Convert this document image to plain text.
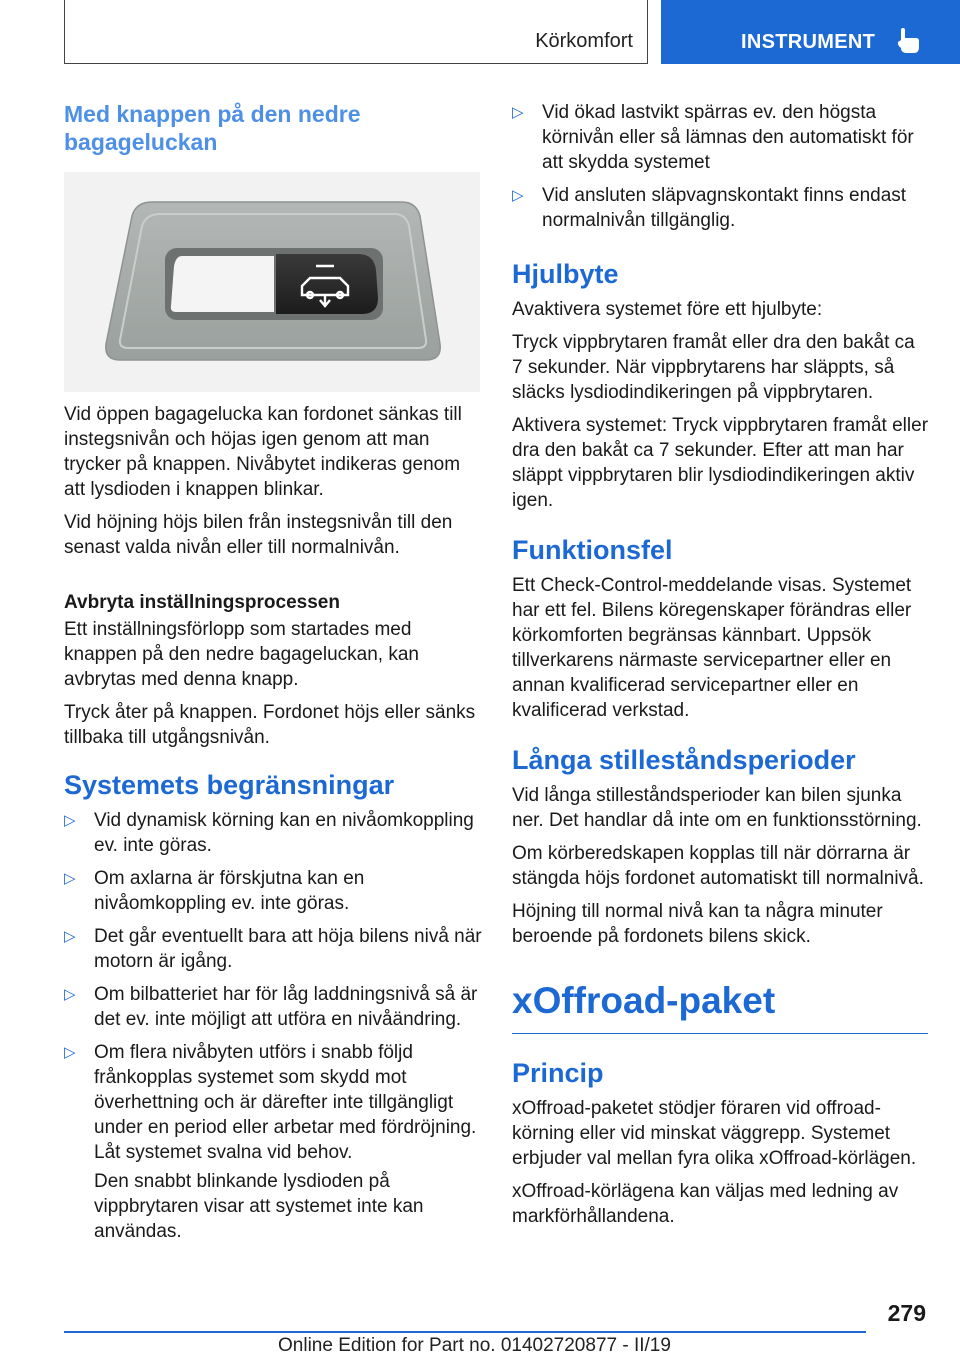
Körkomfort	INSTRUMENT
Med knappen på den nedre bagageluckan

Vid öppen bagagelucka kan fordonet sänkas till instegsnivån och höjas igen genom att man trycker på knappen. Nivåbytet indikeras genom att lysdioden i knappen blinkar.

Vid höjning höjs bilen från instegsnivån till den senast valda nivån eller till normalnivån.

Avbryta inställningsprocessen

Ett inställningsförlopp som startades med knappen på den nedre bagageluckan, kan avbrytas med denna knapp.

Tryck åter på knappen. Fordonet höjs eller sänks tillbaka till utgångsnivån.

Systemets begränsningar
▷ Vid dynamisk körning kan en nivåomkoppling ev. inte göras.
▷ Om axlarna är förskjutna kan en nivåomkoppling ev. inte göras.
▷ Det går eventuellt bara att höja bilens nivå när motorn är igång.
▷ Om bilbatteriet har för låg laddningsnivå så är det ev. inte möjligt att utföra en nivåändring.
▷ Om flera nivåbyten utförs i snabb följd frånkopplas systemet som skydd mot överhettning och är därefter inte tillgängligt under en period eller arbetar med fördröjning. Låt systemet svalna vid behov.

Den snabbt blinkande lysdioden på vippbrytaren visar att systemet inte kan användas.

▷ Vid ökad lastvikt spärras ev. den högsta körnivån eller så lämnas den automatiskt för att skydda systemet
▷ Vid ansluten släpvagnskontakt finns endast normalnivån tillgänglig.
Hjulbyte

Avaktivera systemet före ett hjulbyte:

Tryck vippbrytaren framåt eller dra den bakåt ca 7 sekunder. När vippbrytarens har släppts, så släcks lysdiodindikeringen på vippbrytaren.

Aktivera systemet: Tryck vippbrytaren framåt eller dra den bakåt ca 7 sekunder. Efter att man har släppt vippbrytaren blir lysdiodindikeringen aktiv igen.

Funktionsfel

Ett Check-Control-meddelande visas. Systemet har ett fel. Bilens köregenskaper förändras eller körkomforten begränsas kännbart. Uppsök tillverkarens närmaste servicepartner eller en annan kvalificerad servicepartner eller en kvalificerad verkstad.

Långa stilleståndsperioder

Vid långa stilleståndsperioder kan bilen sjunka ner. Det handlar då inte om en funktionsstörning.

Om körberedskapen kopplas till när dörrarna är stängda höjs fordonet automatiskt till normalnivå.

Höjning till normal nivå kan ta några minuter beroende på fordonets bilens skick.

xOffroad-paket
Princip

xOffroad-paketet stödjer föraren vid offroad-körning eller vid minskat väggrepp. Systemet erbjuder val mellan fyra olika xOffroad-körlägen.

xOffroad-körlägena kan väljas med ledning av markförhållandena.

279
Online Edition for Part no. 01402720877 - II/19
